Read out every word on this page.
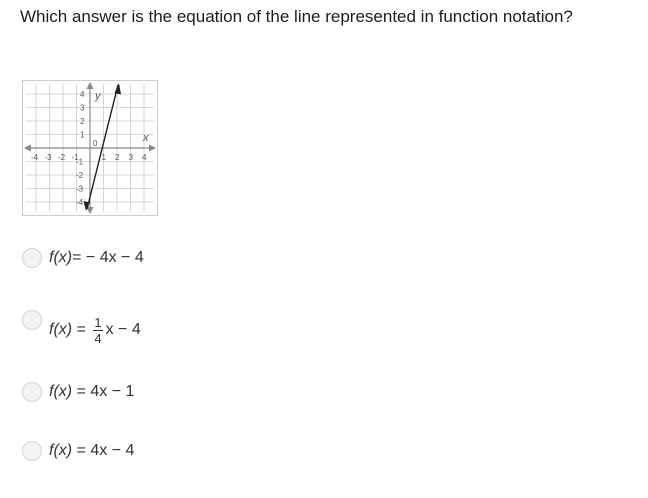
Which answer is the equation of the line represented in function notation?
-4 -3 -2 -1	1 2 3 4
4
3
2
1
-1
-2
-3
-4
0	x
y
f(x) = − 4x − 4
$f(x) = \frac{1}{4}$ x − 4
f(x) = 4x − 1
f(x) = 4x − 4
